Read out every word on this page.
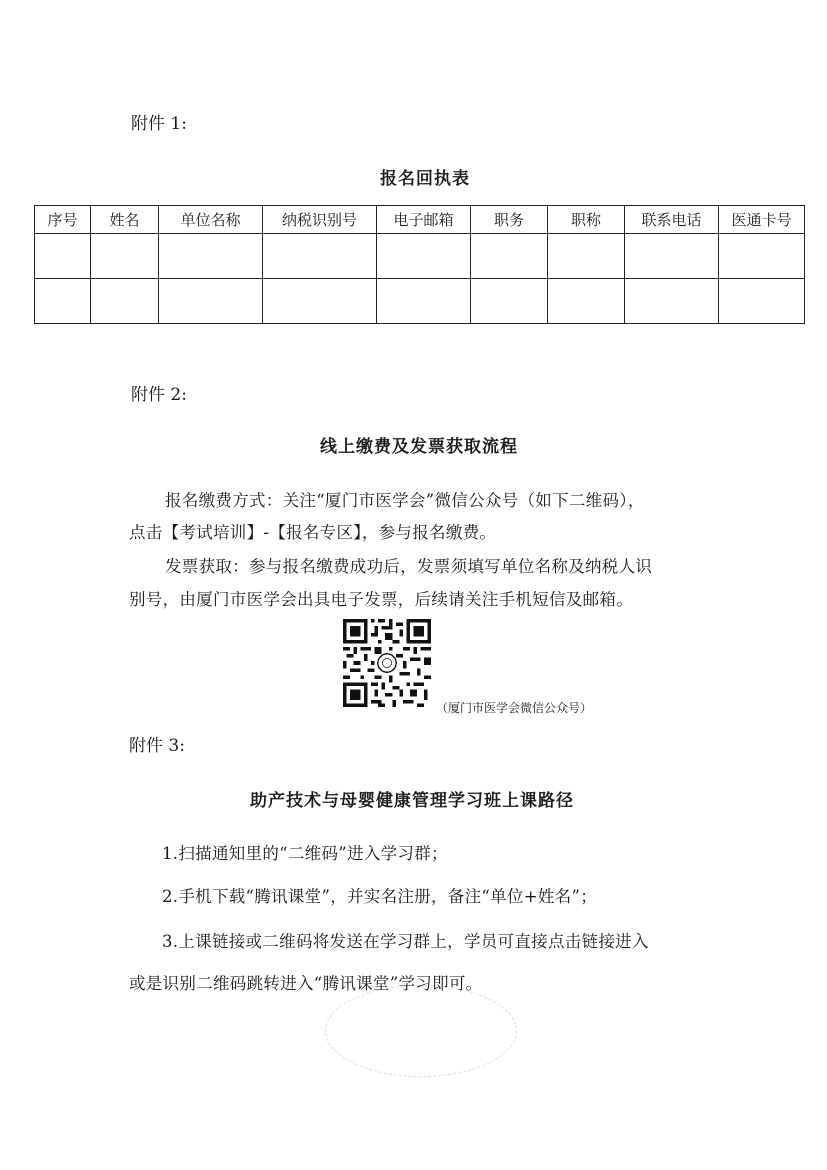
附件 1:
报名回执表
序号	姓名	单位名称	纳税识别号	电子邮箱	职务	职称	联系电话	医通卡号

附件 2:
线上缴费及发票获取流程
报名缴费方式：关注“厦门市医学会”微信公众号（如下二维码），
点击【考试培训】-【报名专区】，参与报名缴费。
发票获取：参与报名缴费成功后，发票须填写单位名称及纳税人识
别号，由厦门市医学会出具电子发票，后续请关注手机短信及邮箱。
（厦门市医学会微信公众号）
附件 3:
助产技术与母婴健康管理学习班上课路径
1.扫描通知里的“二维码”进入学习群；
2.手机下载“腾讯课堂”，并实名注册，备注“单位+姓名”；
3.上课链接或二维码将发送在学习群上，学员可直接点击链接进入
或是识别二维码跳转进入“腾讯课堂”学习即可。
